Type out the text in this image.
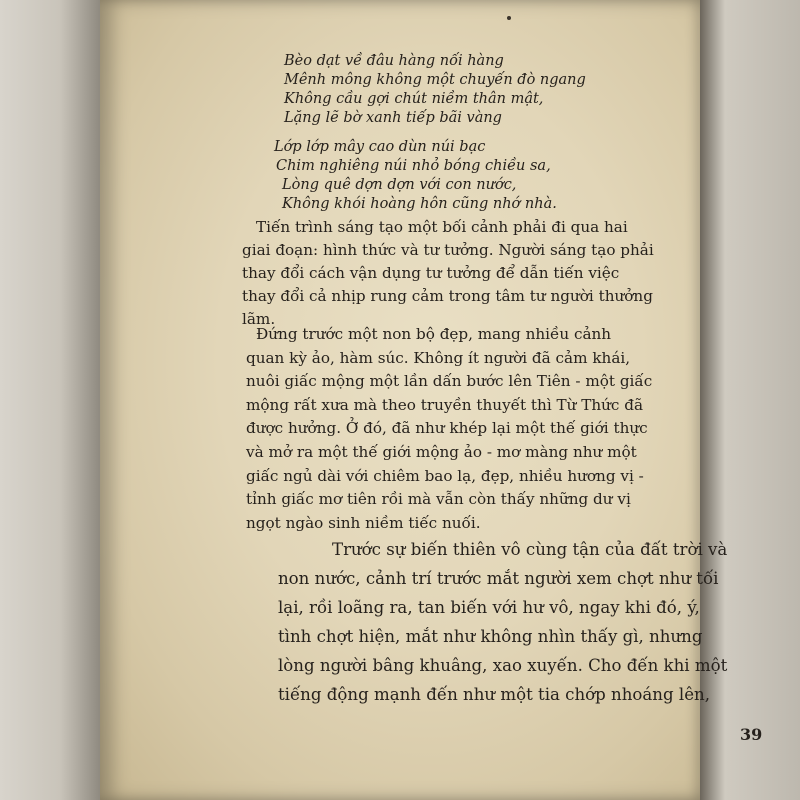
Bèo dạt về đâu hàng nối hàng
Mênh mông không một chuyến đò ngang
Không cầu gợi chút niềm thân mật,
Lặng lẽ bờ xanh tiếp bãi vàng
Lớp lớp mây cao dùn núi bạc
Chim nghiêng núi nhỏ bóng chiều sa,
Lòng quê dợn dợn với con nước,
Không khói hoàng hôn cũng nhớ nhà.

Tiến trình sáng tạo một bối cảnh phải đi qua hai
giai đoạn: hình thức và tư tưởng. Người sáng tạo phải
thay đổi cách vận dụng tư tưởng để dẫn tiến việc
thay đổi cả nhịp rung cảm trong tâm tư người thưởng
lãm.

Đứng trước một non bộ đẹp, mang nhiều cảnh
quan kỳ ảo, hàm súc. Không ít người đã cảm khái,
nuôi giấc mộng một lần dấn bước lên Tiên - một giấc
mộng rất xưa mà theo truyền thuyết thì Từ Thức đã
được hưởng. Ở đó, đã như khép lại một thế giới thực
và mở ra một thế giới mộng ảo - mơ màng như một
giấc ngủ dài với chiêm bao lạ, đẹp, nhiều hương vị -
tỉnh giấc mơ tiên rồi mà vẫn còn thấy những dư vị
ngọt ngào sinh niềm tiếc nuối.

Trước sự biến thiên vô cùng tận của đất trời và
non nước, cảnh trí trước mắt người xem chợt như tối
lại, rồi loãng ra, tan biến với hư vô, ngay khi đó, ý,
tình chợt hiện, mắt như không nhìn thấy gì, nhưng
lòng người bâng khuâng, xao xuyến. Cho đến khi một
tiếng động mạnh đến như một tia chớp nhoáng lên,

39
